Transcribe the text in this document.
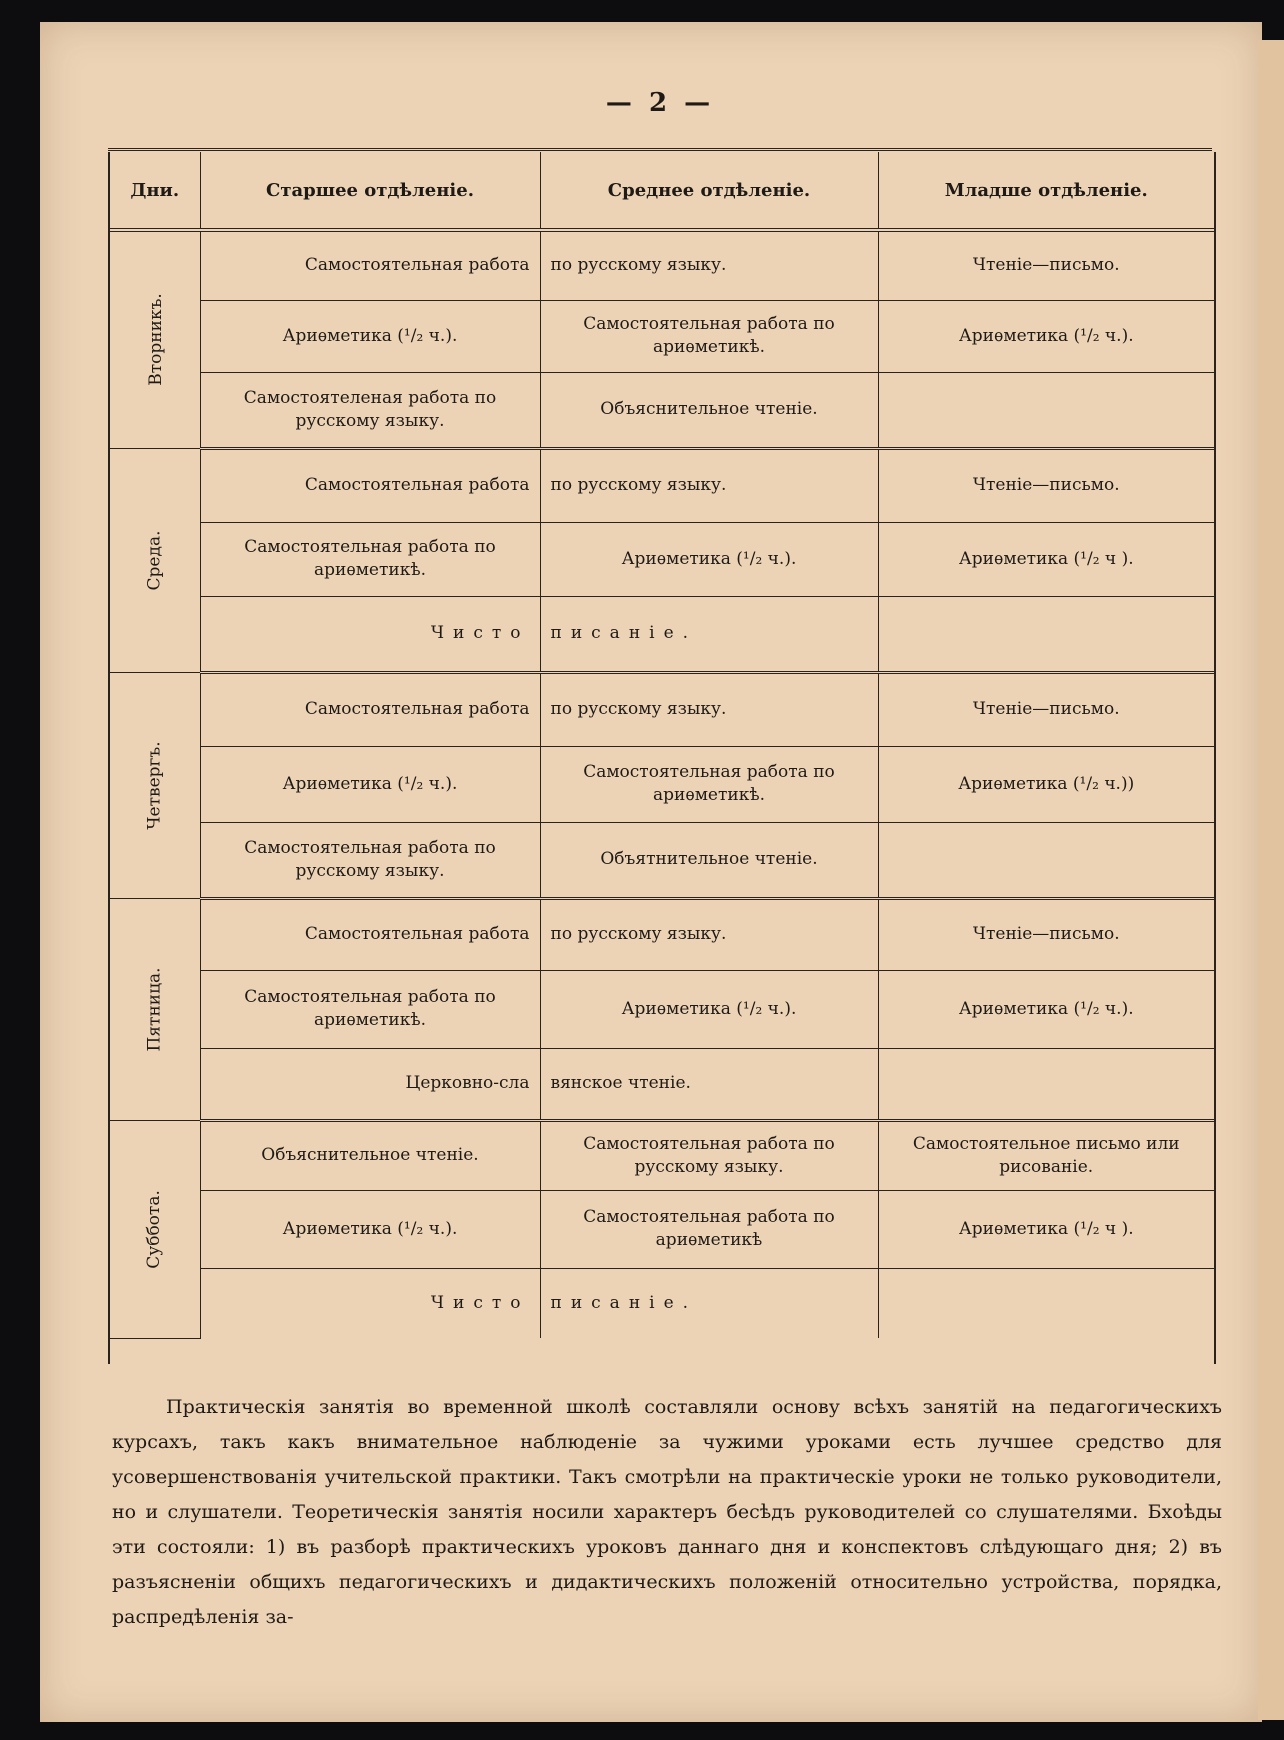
— 2 —
Дни.	Старшее отдѣленіе.	Среднее отдѣленіе.	Младше отдѣленіе.
Вторникъ.	Самостоятельная работа	по русскому языку.	Чтеніе—письмо.
	Ариѳметика (¹/₂ ч.).	Самостоятельная работа по ариѳметикѣ.	Ариѳметика (¹/₂ ч.).
	Самостоятеленая работа по русскому языку.	Объяснительное чтеніе.	
Среда.	Самостоятельная работа	по русскому языку.	Чтеніе—письмо.
	Самостоятельная работа по ариѳметикѣ.	Ариѳметика (¹/₂ ч.).	Ариѳметика (¹/₂ ч ).
	Чисто	писаніе.	
Четвергъ.	Самостоятельная работа	по русскому языку.	Чтеніе—письмо.
	Ариѳметика (¹/₂ ч.).	Самостоятельная работа по ариѳметикѣ.	Ариѳметика (¹/₂ ч.))
	Самостоятельная работа по русскому языку.	Объятнительное чтеніе.	
Пятница.	Самостоятельная работа	по русскому языку.	Чтеніе—письмо.
	Самостоятельная работа по ариѳметикѣ.	Ариѳметика (¹/₂ ч.).	Ариѳметика (¹/₂ ч.).
	Церковно-сла	вянское чтеніе.	
Суббота.	Объяснительное чтеніе.	Самостоятельная работа по русскому языку.	Самостоятельное письмо или рисованіе.
	Ариѳметика (¹/₂ ч.).	Самостоятельная работа по ариѳметикѣ	Ариѳметика (¹/₂ ч ).
	Чисто	писаніе.	
Практическія занятія во временной школѣ составляли основу всѣхъ занятій на педагогическихъ курсахъ, такъ какъ внимательное наблюденіе за чужими уроками есть лучшее средство для усовершенствованія учительской практики. Такъ смотрѣли на практическіе уроки не только руководители, но и слушатели. Теоретическія занятія носили характеръ бесѣдъ руководителей со слушателями. Бхоѣды эти состояли: 1) въ разборѣ практическихъ уроковъ даннаго дня и конспектовъ слѣдующаго дня; 2) въ разъясненіи общихъ педагогическихъ и дидактическихъ положеній относительно устройства, порядка, распредѣленія за-
